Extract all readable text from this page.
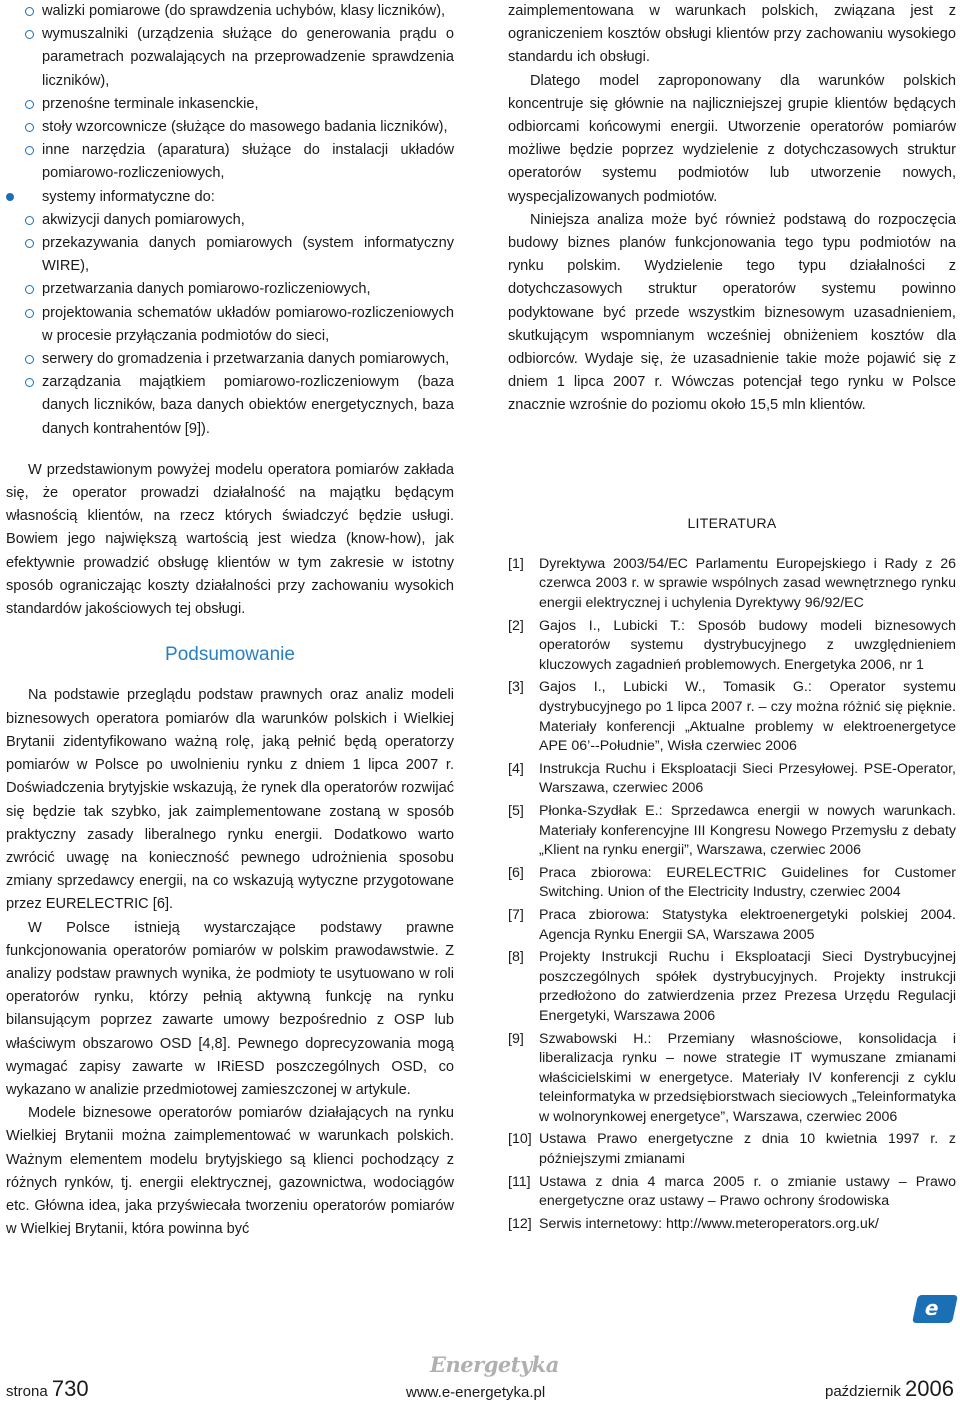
walizki pomiarowe (do sprawdzenia uchybów, klasy liczników),
wymuszalniki (urządzenia służące do generowania prądu o parametrach pozwalających na przeprowadzenie sprawdzenia liczników),
przenośne terminale inkasenckie,
stoły wzorcownicze (służące do masowego badania liczników),
inne narzędzia (aparatura) służące do instalacji układów pomiarowo-rozliczeniowych,
systemy informatyczne do:
akwizycji danych pomiarowych,
przekazywania danych pomiarowych (system informatyczny WIRE),
przetwarzania danych pomiarowo-rozliczeniowych,
projektowania schematów układów pomiarowo-rozliczeniowych w procesie przyłączania podmiotów do sieci,
serwery do gromadzenia i przetwarzania danych pomiarowych,
zarządzania majątkiem pomiarowo-rozliczeniowym (baza danych liczników, baza danych obiektów energetycznych, baza danych kontrahentów [9]).

W przedstawionym powyżej modelu operatora pomiarów zakłada się, że operator prowadzi działalność na majątku będącym własnością klientów, na rzecz których świadczyć będzie usługi. Bowiem jego największą wartością jest wiedza (know-how), jak efektywnie prowadzić obsługę klientów w tym zakresie w istotny sposób ograniczając koszty działalności przy zachowaniu wysokich standardów jakościowych tej obsługi.

Podsumowanie

Na podstawie przeglądu podstaw prawnych oraz analiz modeli biznesowych operatora pomiarów dla warunków polskich i Wielkiej Brytanii zidentyfikowano ważną rolę, jaką pełnić będą operatorzy pomiarów w Polsce po uwolnieniu rynku z dniem 1 lipca 2007 r. Doświadczenia brytyjskie wskazują, że rynek dla operatorów rozwijać się będzie tak szybko, jak zaimplementowane zostaną w sposób praktyczny zasady liberalnego rynku energii. Dodatkowo warto zwrócić uwagę na konieczność pewnego udrożnienia sposobu zmiany sprzedawcy energii, na co wskazują wytyczne przygotowane przez EURELECTRIC [6].

W Polsce istnieją wystarczające podstawy prawne funkcjonowania operatorów pomiarów w polskim prawodawstwie. Z analizy podstaw prawnych wynika, że podmioty te usytuowano w roli operatorów rynku, którzy pełnią aktywną funkcję na rynku bilansującym poprzez zawarte umowy bezpośrednio z OSP lub właściwym obszarowo OSD [4,8]. Pewnego doprecyzowania mogą wymagać zapisy zawarte w IRiESD poszczególnych OSD, co wykazano w analizie przedmiotowej zamieszczonej w artykule.

Modele biznesowe operatorów pomiarów działających na rynku Wielkiej Brytanii można zaimplementować w warunkach polskich. Ważnym elementem modelu brytyjskiego są klienci pochodzący z różnych rynków, tj. energii elektrycznej, gazownictwa, wodociągów etc. Główna idea, jaka przyświecała tworzeniu operatorów pomiarów w Wielkiej Brytanii, która powinna być

zaimplementowana w warunkach polskich, związana jest z ograniczeniem kosztów obsługi klientów przy zachowaniu wysokiego standardu ich obsługi.

Dlatego model zaproponowany dla warunków polskich koncentruje się głównie na najliczniejszej grupie klientów będących odbiorcami końcowymi energii. Utworzenie operatorów pomiarów możliwe będzie poprzez wydzielenie z dotychczasowych struktur operatorów systemu podmiotów lub utworzenie nowych, wyspecjalizowanych podmiotów.

Niniejsza analiza może być również podstawą do rozpoczęcia budowy biznes planów funkcjonowania tego typu podmiotów na rynku polskim. Wydzielenie tego typu działalności z dotychczasowych struktur operatorów systemu powinno podyktowane być przede wszystkim biznesowym uzasadnieniem, skutkującym wspomnianym wcześniej obniżeniem kosztów dla odbiorców. Wydaje się, że uzasadnienie takie może pojawić się z dniem 1 lipca 2007 r. Wówczas potencjał tego rynku w Polsce znacznie wzrośnie do poziomu około 15,5 mln klientów.

LITERATURA
[1] Dyrektywa 2003/54/EC Parlamentu Europejskiego i Rady z 26 czerwca 2003 r. w sprawie wspólnych zasad wewnętrznego rynku energii elektrycznej i uchylenia Dyrektywy 96/92/EC
[2] Gajos I., Lubicki T.: Sposób budowy modeli biznesowych operatorów systemu dystrybucyjnego z uwzględnieniem kluczowych zagadnień problemowych. Energetyka 2006, nr 1
[3] Gajos I., Lubicki W., Tomasik G.: Operator systemu dystrybucyjnego po 1 lipca 2007 r. – czy można różnić się pięknie. Materiały konferencji „Aktualne problemy w elektroenergetyce APE 06’--Południe”, Wisła czerwiec 2006
[4] Instrukcja Ruchu i Eksploatacji Sieci Przesyłowej. PSE-Operator, Warszawa, czerwiec 2006
[5] Płonka-Szydłak E.: Sprzedawca energii w nowych warunkach. Materiały konferencyjne III Kongresu Nowego Przemysłu z debaty „Klient na rynku energii”, Warszawa, czerwiec 2006
[6] Praca zbiorowa: EURELECTRIC Guidelines for Customer Switching. Union of the Electricity Industry, czerwiec 2004
[7] Praca zbiorowa: Statystyka elektroenergetyki polskiej 2004. Agencja Rynku Energii SA, Warszawa 2005
[8] Projekty Instrukcji Ruchu i Eksploatacji Sieci Dystrybucyjnej poszczególnych spółek dystrybucyjnych. Projekty instrukcji przedłożono do zatwierdzenia przez Prezesa Urzędu Regulacji Energetyki, Warszawa 2006
[9] Szwabowski H.: Przemiany własnościowe, konsolidacja i liberalizacja rynku – nowe strategie IT wymuszane zmianami właścicielskimi w energetyce. Materiały IV konferencji z cyklu teleinformatyka w przedsiębiorstwach sieciowych „Teleinformatyka w wolnorynkowej energetyce”, Warszawa, czerwiec 2006
[10] Ustawa Prawo energetyczne z dnia 10 kwietnia 1997 r. z późniejszymi zmianami
[11] Ustawa z dnia 4 marca 2005 r. o zmianie ustawy – Prawo energetyczne oraz ustawy – Prawo ochrony środowiska
[12] Serwis internetowy: http://www.meteroperators.org.uk/
e
Energetyka
strona 730	www.e-energetyka.pl	październik 2006
